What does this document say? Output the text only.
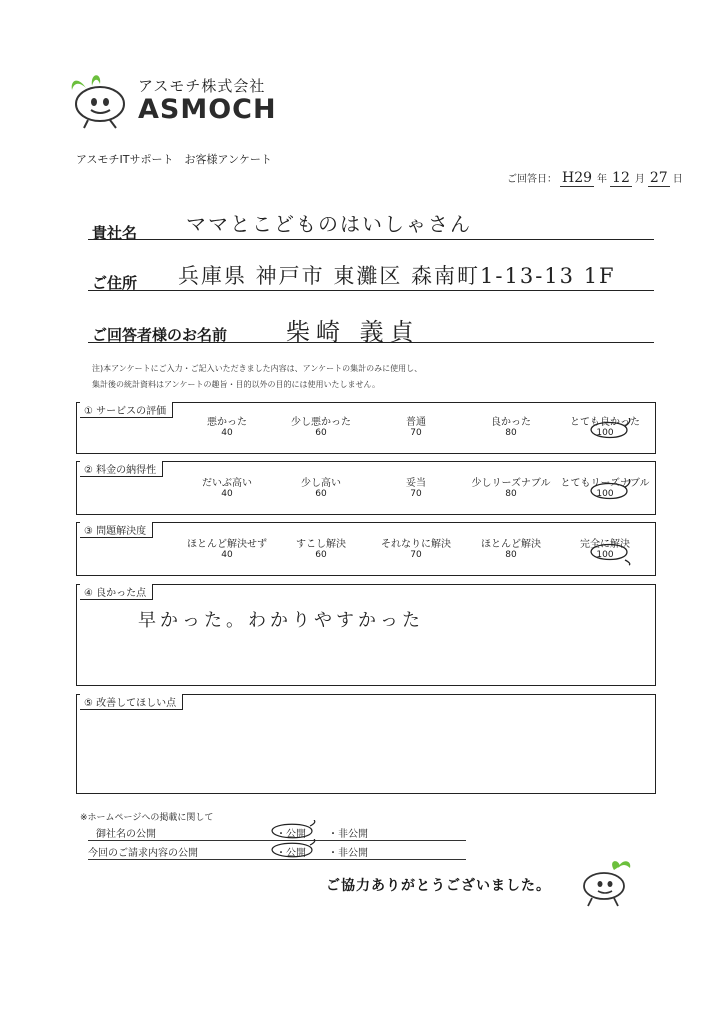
アスモチ株式会社
ASMOCH
アスモチITサポート　お客様アンケート
ご回答日： H29 年 12 月 27 日
貴社名 ママとこどものはいしゃさん
ご住所 兵庫県 神戸市 東灘区 森南町1-13-13 1F
ご回答者様のお名前 柴崎 義貞
注)本アンケートにご入力・ご記入いただきました内容は、アンケートの集計のみに使用し、
集計後の統計資料はアンケートの趣旨・目的以外の目的には使用いたしません。
① サービスの評価
悪かった
40
少し悪かった
60
普通
70
良かった
80
とても良かった
100
② 料金の納得性
だいぶ高い
40
少し高い
60
妥当
70
少しリーズナブル
80
とてもリーズナブル
100
③ 問題解決度
ほとんど解決せず
40
すこし解決
60
それなりに解決
70
ほとんど解決
80
完全に解決
100
④ 良かった点
早かった。わかりやすかった
⑤ 改善してほしい点
※ホームページへの掲載に関して
御社名の公開	・公開 ・非公開
今回のご請求内容の公開	・公開 ・非公開
ご協力ありがとうございました。
